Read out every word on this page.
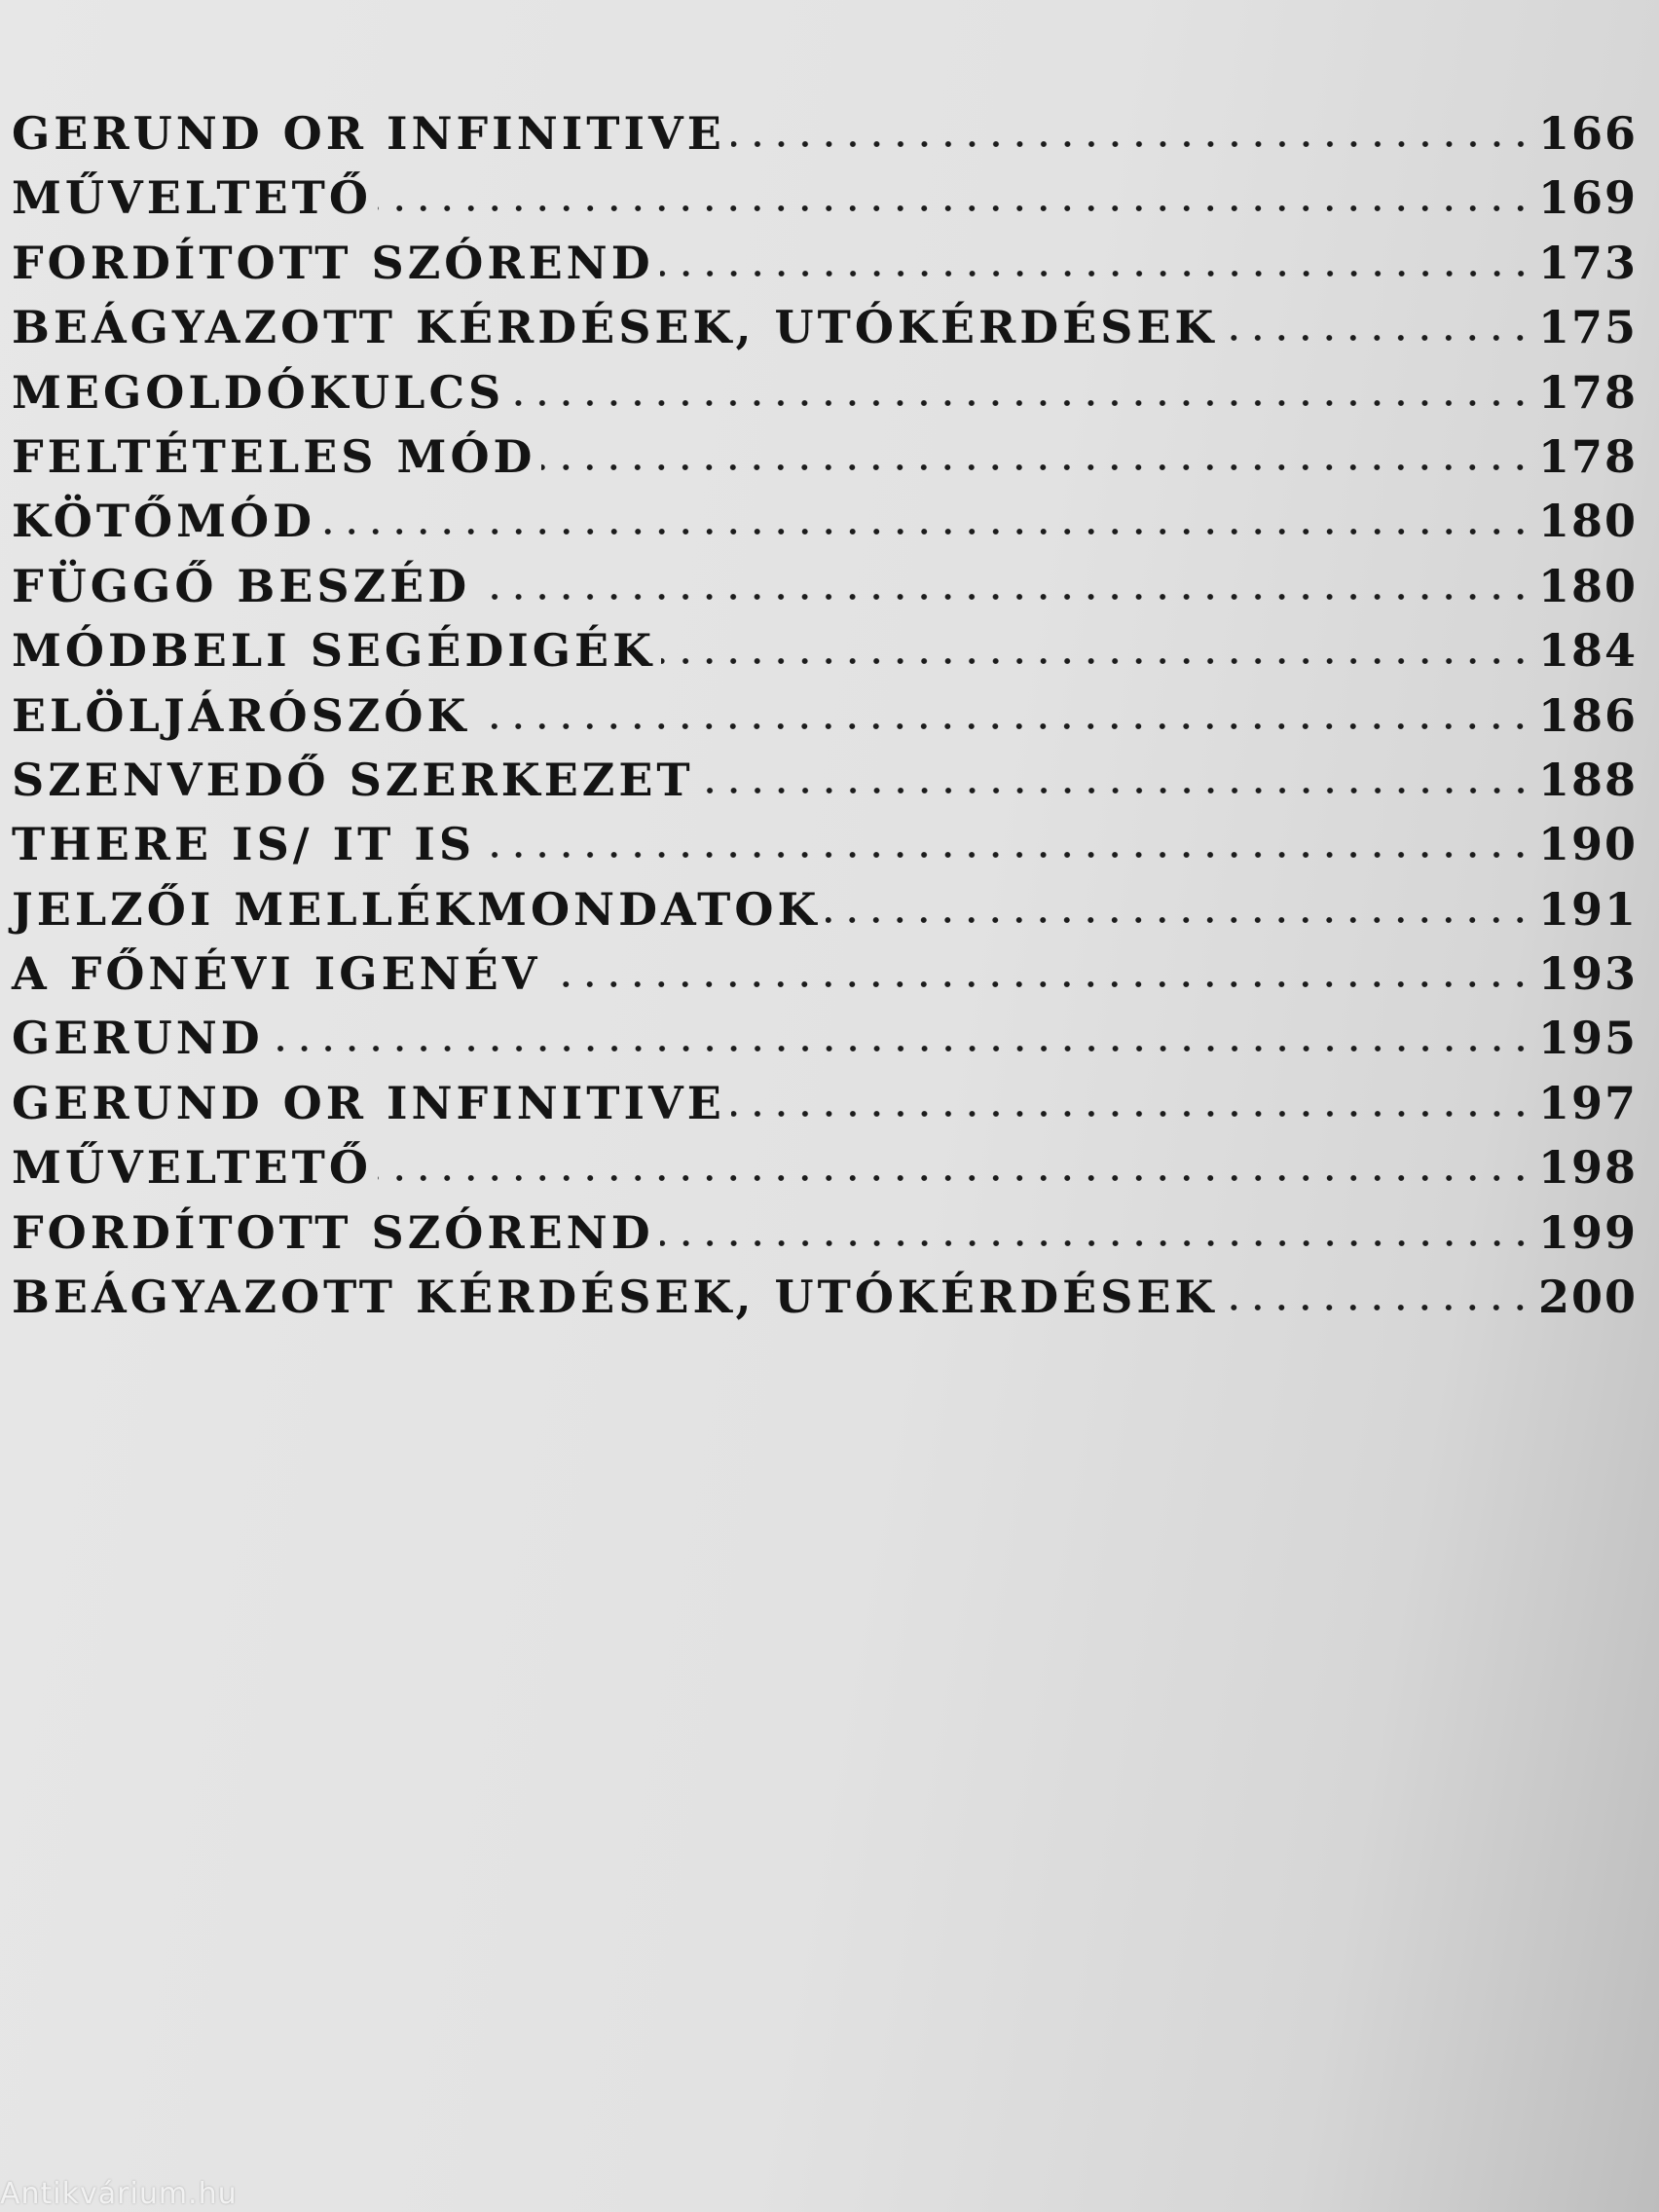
GERUND OR INFINITIVE	166
MŰVELTETŐ	169
FORDÍTOTT SZÓREND	173
BEÁGYAZOTT KÉRDÉSEK, UTÓKÉRDÉSEK	175
MEGOLDÓKULCS	178
FELTÉTELES MÓD	178
KÖTŐMÓD	180
FÜGGŐ BESZÉD	180
MÓDBELI SEGÉDIGÉK	184
ELÖLJÁRÓSZÓK	186
SZENVEDŐ SZERKEZET	188
THERE IS/ IT IS	190
JELZŐI MELLÉKMONDATOK	191
A FŐNÉVI IGENÉV	193
GERUND	195
GERUND OR INFINITIVE	197
MŰVELTETŐ	198
FORDÍTOTT SZÓREND	199
BEÁGYAZOTT KÉRDÉSEK, UTÓKÉRDÉSEK	200
Antikvárium.hu
